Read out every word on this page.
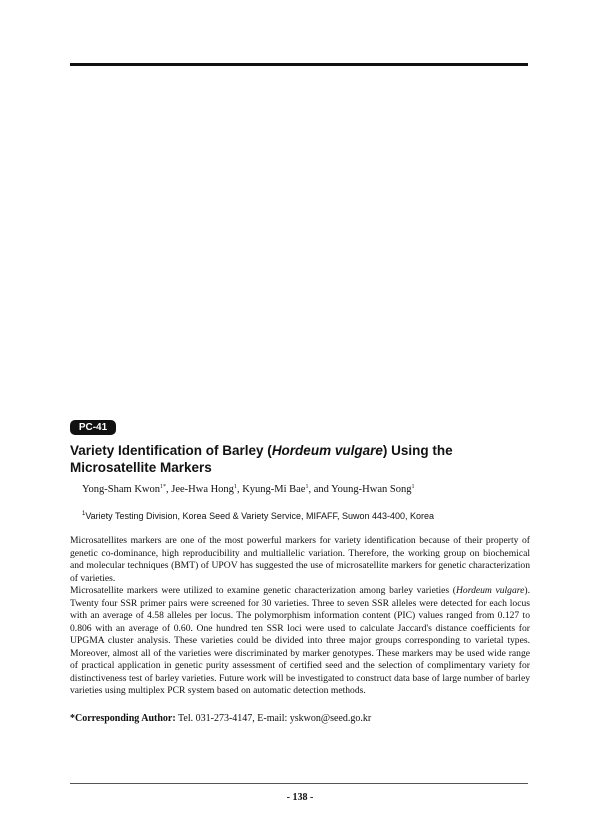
PC-41
Variety Identification of Barley (Hordeum vulgare) Using the Microsatellite Markers
Yong-Sham Kwon$^{1*}$, Jee-Hwa Hong$^1$, Kyung-Mi Bae$^1$, and Young-Hwan Song$^1$
$^1$Variety Testing Division, Korea Seed & Variety Service, MIFAFF, Suwon 443-400, Korea

Microsatellites markers are one of the most powerful markers for variety identification because of their property of genetic co-dominance, high reproducibility and multiallelic variation. Therefore, the working group on biochemical and molecular techniques (BMT) of UPOV has suggested the use of microsatellite markers for genetic characterization of varieties.

Microsatellite markers were utilized to examine genetic characterization among barley varieties (Hordeum vulgare). Twenty four SSR primer pairs were screened for 30 varieties. Three to seven SSR alleles were detected for each locus with an average of 4.58 alleles per locus. The polymorphism information content (PIC) values ranged from 0.127 to 0.806 with an average of 0.60. One hundred ten SSR loci were used to calculate Jaccard's distance coefficients for UPGMA cluster analysis. These varieties could be divided into three major groups corresponding to varietal types. Moreover, almost all of the varieties were discriminated by marker genotypes. These markers may be used wide range of practical application in genetic purity assessment of certified seed and the selection of complimentary variety for distinctiveness test of barley varieties. Future work will be investigated to construct data base of large number of barley varieties using multiplex PCR system based on automatic detection methods.

*Corresponding Author: Tel. 031-273-4147, E-mail: yskwon@seed.go.kr
- 138 -
